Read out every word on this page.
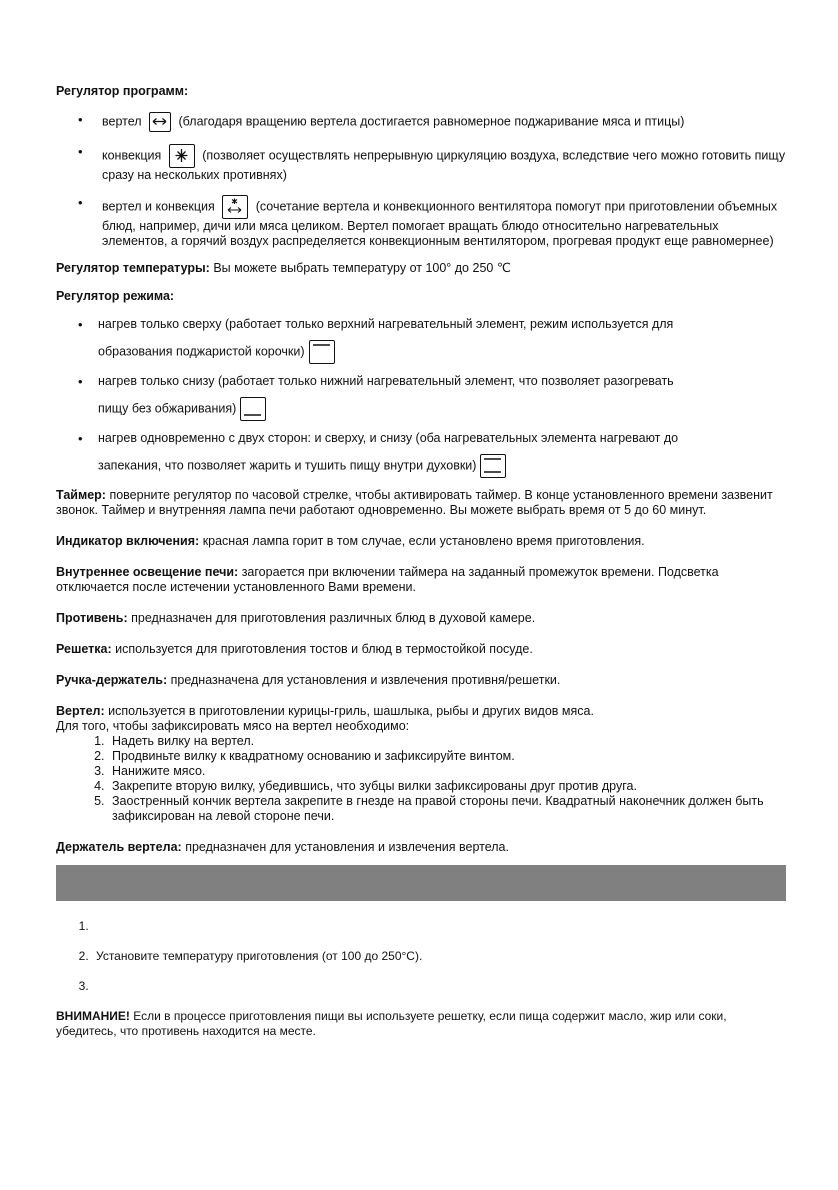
Регулятор программ:

• вертел	(благодаря вращению вертела достигается равномерное поджаривание мяса и птицы)
• конвекция	(позволяет осуществлять непрерывную циркуляцию воздуха, вследствие чего можно готовить пищу сразу на нескольких противнях)
• вертел и конвекция	(сочетание вертела и конвекционного вентилятора помогут при приготовлении объемных блюд, например, дичи или мяса целиком. Вертел помогает вращать блюдо относительно нагревательных элементов, а горячий воздух распределяется конвекционным вентилятором, прогревая продукт еще равномернее)

Регулятор температуры: Вы можете выбрать температуру от 100° до 250 ℃

Регулятор режима:

• нагрев только сверху (работает только верхний нагревательный элемент, режим используется для
образования поджаристой корочки)
• нагрев только снизу (работает только нижний нагревательный элемент, что позволяет разогревать
пищу без обжаривания)
• нагрев одновременно с двух сторон: и сверху, и снизу (оба нагревательных элемента нагревают до
запекания, что позволяет жарить и тушить пищу внутри духовки)

Таймер: поверните регулятор по часовой стрелке, чтобы активировать таймер. В конце установленного времени зазвенит звонок. Таймер и внутренняя лампа печи работают одновременно. Вы можете выбрать время от 5 до 60 минут.

Индикатор включения: красная лампа горит в том случае, если установлено время приготовления.

Внутреннее освещение печи: загорается при включении таймера на заданный промежуток времени. Подсветка отключается после истечении установленного Вами времени.

Противень: предназначен для приготовления различных блюд в духовой камере.

Решетка: используется для приготовления тостов и блюд в термостойкой посуде.

Ручка-держатель: предназначена для установления и извлечения противня/решетки.

Вертел: используется в приготовлении курицы-гриль, шашлыка, рыбы и других видов мяса.

Для того, чтобы зафиксировать мясо на вертел необходимо:

1. Надеть вилку на вертел.
2. Продвиньте вилку к квадратному основанию и зафиксируйте винтом.
3. Нанижите мясо.
4. Закрепите вторую вилку, убедившись, что зубцы вилки зафиксированы друг против друга.
5. Заостренный кончик вертела закрепите в гнезде на правой стороны печи. Квадратный наконечник должен быть зафиксирован на левой стороне печи.

Держатель вертела: предназначен для установления и извлечения вертела.

1.
2. Установите температуру приготовления (от 100 до 250°С).
3.

ВНИМАНИЕ! Если в процессе приготовления пищи вы используете решетку, если пища содержит масло, жир или соки, убедитесь, что противень находится на месте.
